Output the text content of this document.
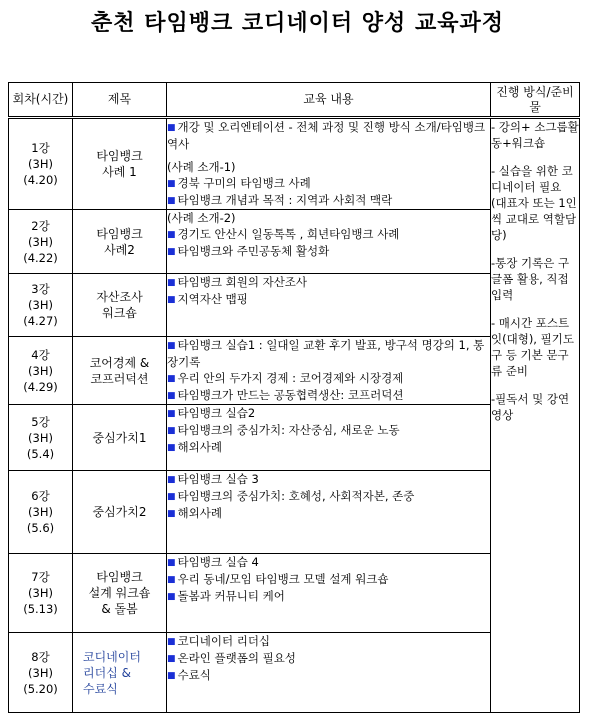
춘천 타임뱅크 코디네이터 양성 교육과정
회차(시간)	제목	교육 내용	진행 방식/준비물

1강
(3H)
(4.20)	타임뱅크
사례 1	■ 개강 및 오리엔테이션 - 전체 과정 및 진행 방식 소개/타임뱅크 역사
(사례 소개-1)
■ 경북 구미의 타임뱅크 사례
■ 타임뱅크 개념과 목적 : 지역과 사회적 맥락	- 강의+ 소그룹활동+워크숍
- 실습을 위한 코디네이터 필요 (대표자 또는 1인씩 교대로 역할담당)
-통장 기록은 구글폼 활용, 직접 입력
- 매시간 포스트잇(대형), 필기도구 등 기본 문구류 준비
-필독서 및 강연 영상

2강
(3H)
(4.22)	타임뱅크
사례2	(사례 소개-2)
■ 경기도 안산시 일동톡톡 , 희년타임뱅크 사례
■ 타임뱅크와 주민공동체 활성화	

3강
(3H)
(4.27)	자산조사
워크숍	■ 타임뱅크 회원의 자산조사
■ 지역자산 맵핑	

4강
(3H)
(4.29)	코어경제 &
코프러덕션	■ 타임뱅크 실습1 : 일대일 교환 후기 발표, 방구석 명강의 1, 통장기록
■ 우리 안의 두가지 경제 : 코어경제와 시장경제
■ 타임뱅크가 만드는 공동협력생산: 코프러덕션	

5강
(3H)
(5.4)	중심가치1	■ 타임뱅크 실습2
■ 타임뱅크의 중심가치: 자산중심, 새로운 노동
■ 해외사례	

6강
(3H)
(5.6)	중심가치2	■ 타임뱅크 실습 3
■ 타임뱅크의 중심가치: 호혜성, 사회적자본, 존중
■ 해외사례	

7강
(3H)
(5.13)	타임뱅크
설계 워크숍
& 돌봄	■ 타임뱅크 실습 4
■ 우리 동네/모임 타임뱅크 모델 설계 워크숍
■ 돌봄과 커뮤니티 케어	

8강
(3H)
(5.20)	코디네이터
리더십 &
수료식	■ 코디네이터 리더십
■ 온라인 플랫폼의 필요성
■ 수료식	
